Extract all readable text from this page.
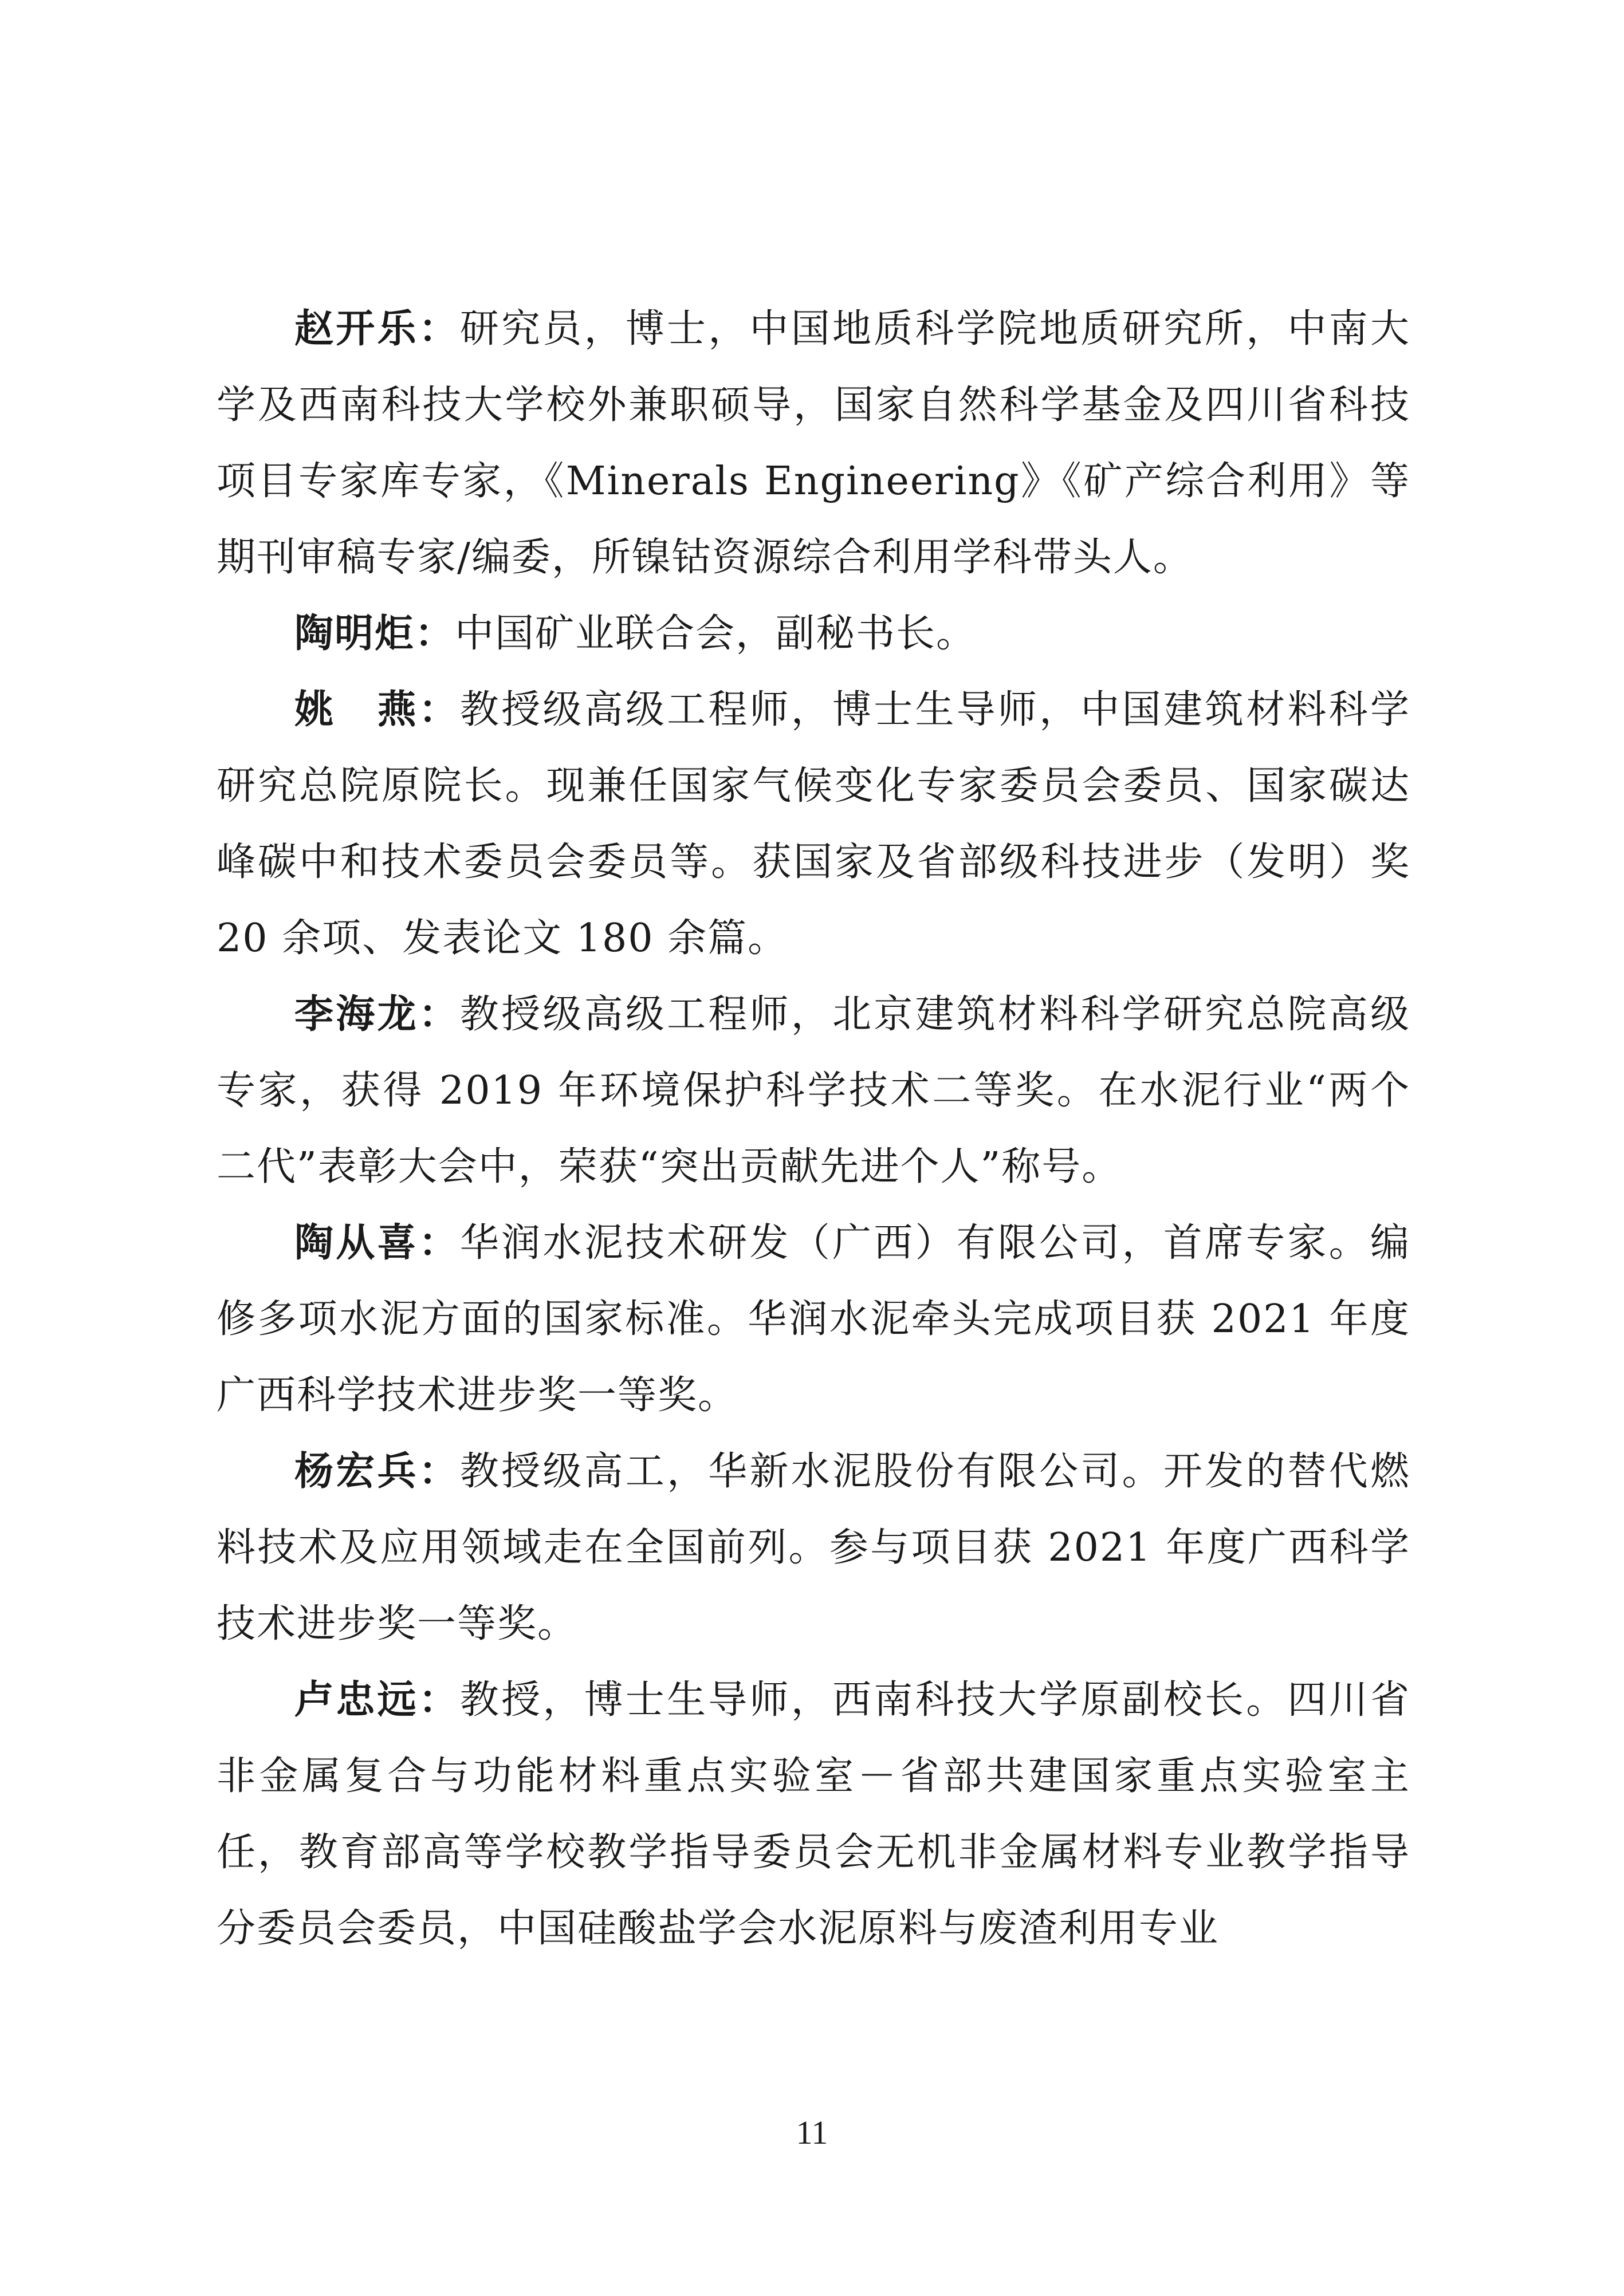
赵开乐：研究员，博士，中国地质科学院地质研究所，中南大学及西南科技大学校外兼职硕导，国家自然科学基金及四川省科技项目专家库专家，《Minerals Engineering》《矿产综合利用》等期刊审稿专家/编委，所镍钴资源综合利用学科带头人。

陶明炬：中国矿业联合会，副秘书长。

姚　燕：教授级高级工程师，博士生导师，中国建筑材料科学研究总院原院长。现兼任国家气候变化专家委员会委员、国家碳达峰碳中和技术委员会委员等。获国家及省部级科技进步（发明）奖 20 余项、发表论文 180 余篇。

李海龙：教授级高级工程师，北京建筑材料科学研究总院高级专家，获得 2019 年环境保护科学技术二等奖。在水泥行业“两个二代”表彰大会中，荣获“突出贡献先进个人”称号。

陶从喜：华润水泥技术研发（广西）有限公司，首席专家。编修多项水泥方面的国家标准。华润水泥牵头完成项目获 2021 年度广西科学技术进步奖一等奖。

杨宏兵：教授级高工，华新水泥股份有限公司。开发的替代燃料技术及应用领域走在全国前列。参与项目获 2021 年度广西科学技术进步奖一等奖。

卢忠远：教授，博士生导师，西南科技大学原副校长。四川省非金属复合与功能材料重点实验室－省部共建国家重点实验室主任，教育部高等学校教学指导委员会无机非金属材料专业教学指导分委员会委员，中国硅酸盐学会水泥原料与废渣利用专业

11
